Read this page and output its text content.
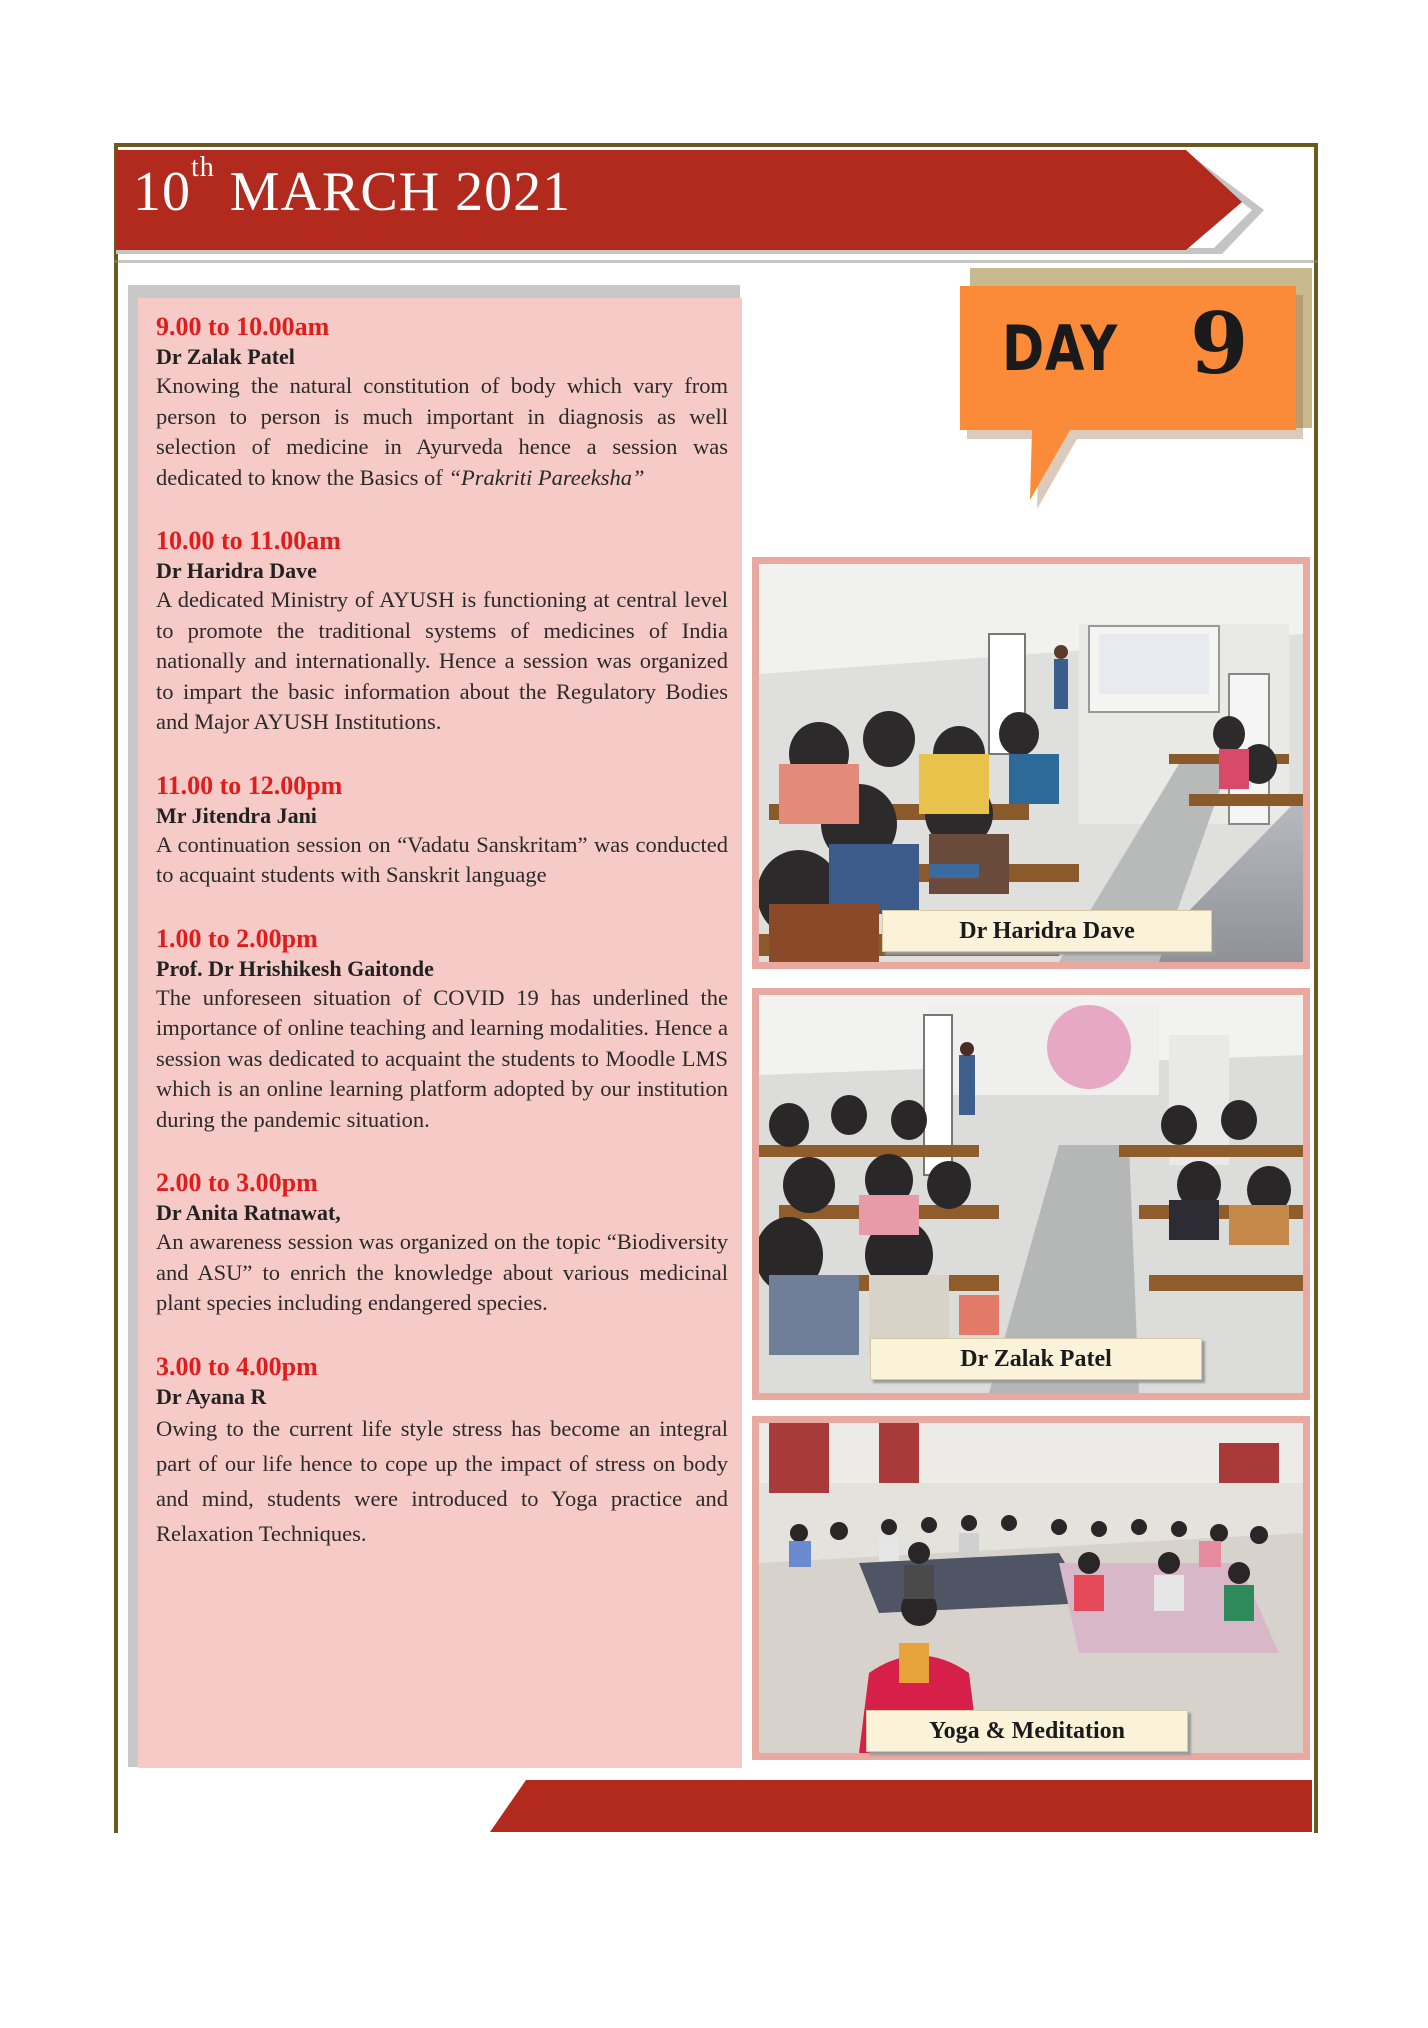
10th MARCH 2021
DAY 9
9.00 to 10.00am
Dr Zalak Patel
Knowing the natural constitution of body which vary from person to person is much important in diagnosis as well selection of medicine in Ayurveda hence a session was dedicated to know the Basics of “Prakriti Pareeksha”
10.00 to 11.00am
Dr Haridra Dave
A dedicated Ministry of AYUSH is functioning at central level to promote the traditional systems of medicines of India nationally and internationally. Hence a session was organized to impart the basic information about the Regulatory Bodies and Major AYUSH Institutions.
11.00 to 12.00pm
Mr Jitendra Jani
A continuation session on “Vadatu Sanskritam” was conducted to acquaint students with Sanskrit language
1.00 to 2.00pm
Prof. Dr Hrishikesh Gaitonde
The unforeseen situation of COVID 19 has underlined the importance of online teaching and learning modalities. Hence a session was dedicated to acquaint the students to Moodle LMS which is an online learning platform adopted by our institution during the pandemic situation.
2.00 to 3.00pm
Dr Anita Ratnawat,
An awareness session was organized on the topic “Biodiversity and ASU” to enrich the knowledge about various medicinal plant species including endangered species.
3.00 to 4.00pm
Dr Ayana R
Owing to the current life style stress has become an integral part of our life hence to cope up the impact of stress on body and mind, students were introduced to Yoga practice and Relaxation Techniques.
Dr Haridra Dave
Dr Zalak Patel
Yoga & Meditation
